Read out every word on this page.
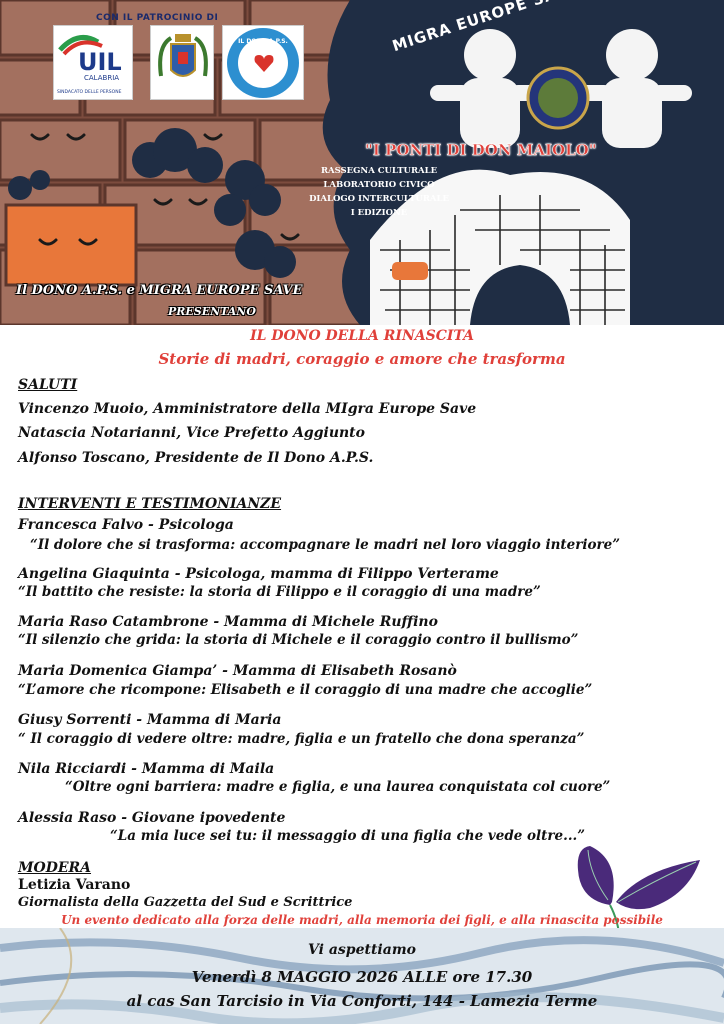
CON IL PATROCINIO DI
UIL
CALABRIA
SINDACATO DELLE PERSONE
IL DONO A.P.S.
"I PONTI DI DON MAIOLO"
RASSEGNA CULTURALE
LABORATORIO CIVICO
DIALOGO INTERCULTURALE
I EDIZIONE
Il DONO A.P.S. e MIGRA EUROPE SAVE
PRESENTANO
IL DONO DELLA RINASCITA
Storie di madri, coraggio e amore che trasforma
SALUTI
Vincenzo Muoio, Amministratore della MIgra Europe Save
Natascia Notarianni, Vice Prefetto Aggiunto
Alfonso Toscano, Presidente de Il Dono A.P.S.
INTERVENTI E TESTIMONIANZE
Francesca Falvo - Psicologa
“Il dolore che si trasforma: accompagnare le madri nel loro viaggio interiore”
Angelina Giaquinta - Psicologa, mamma di Filippo Verterame
“Il battito che resiste: la storia di Filippo e il coraggio di una madre”
Maria Raso Catambrone - Mamma di Michele Ruffino
“Il silenzio che grida: la storia di Michele e il coraggio contro il bullismo”
Maria Domenica Giampa’ - Mamma di Elisabeth Rosanò
“L’amore che ricompone: Elisabeth e il coraggio di una madre che accoglie”
Giusy Sorrenti - Mamma di Maria
“ Il coraggio di vedere oltre: madre, figlia e un fratello che dona speranza”
Nila Ricciardi - Mamma di Maila
“Oltre ogni barriera: madre e figlia, e una laurea conquistata col cuore”
Alessia Raso - Giovane ipovedente
“La mia luce sei tu: il messaggio di una figlia che vede oltre...”
MODERA
Letizia Varano
Giornalista della Gazzetta del Sud e Scrittrice
Un evento dedicato alla forza delle madri, alla memoria dei figli, e alla rinascita possibile
Vi aspettiamo
Venerdì 8 MAGGIO 2026 ALLE ore 17.30
al cas San Tarcisio in Via Conforti, 144 - Lamezia Terme
